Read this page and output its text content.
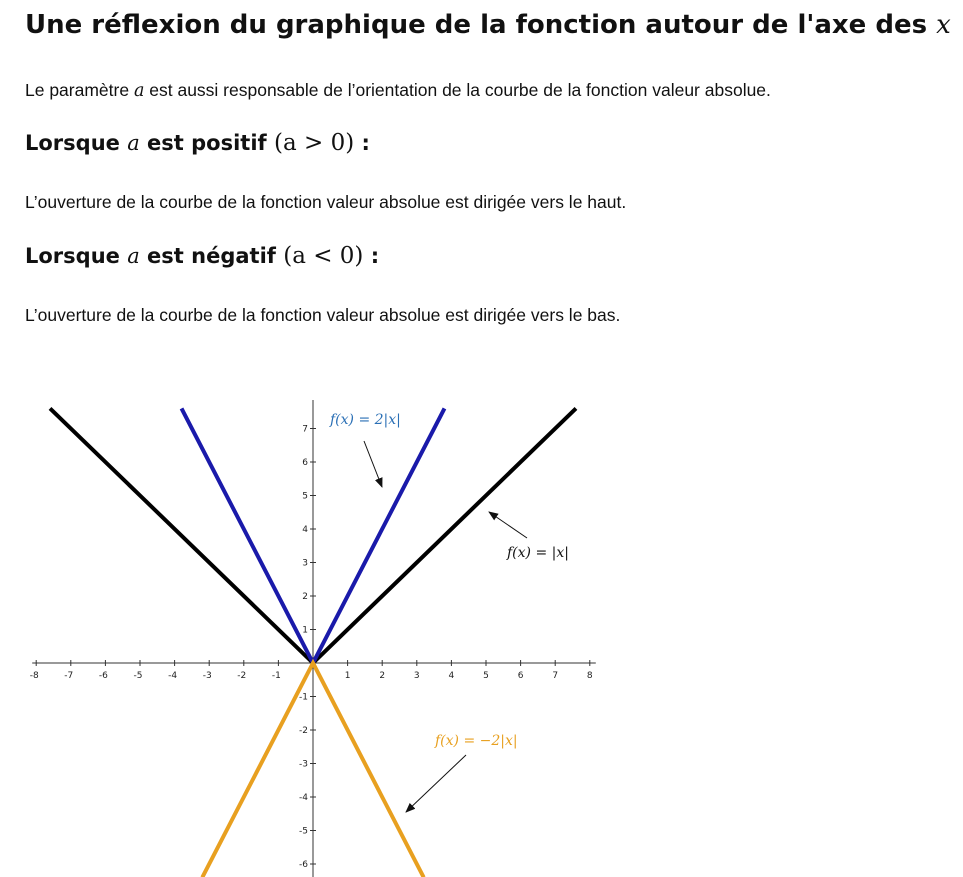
Une réflexion du graphique de la fonction autour de l'axe des x

Le paramètre a est aussi responsable de l’orientation de la courbe de la fonction valeur absolue.

Lorsque a est positif (a > 0) :

L’ouverture de la courbe de la fonction valeur absolue est dirigée vers le haut.

Lorsque a est négatif (a < 0) :

L’ouverture de la courbe de la fonction valeur absolue est dirigée vers le bas.

-8	-7	-6	-5	-4	-3	-2	-1	1	2	3	4	5	6	7	8
7
6
5
4
3
2
1
-1
-2
-3
-4
-5
-6
f(x) = 2|x|
f(x) = |x|
f(x) = −2|x|
